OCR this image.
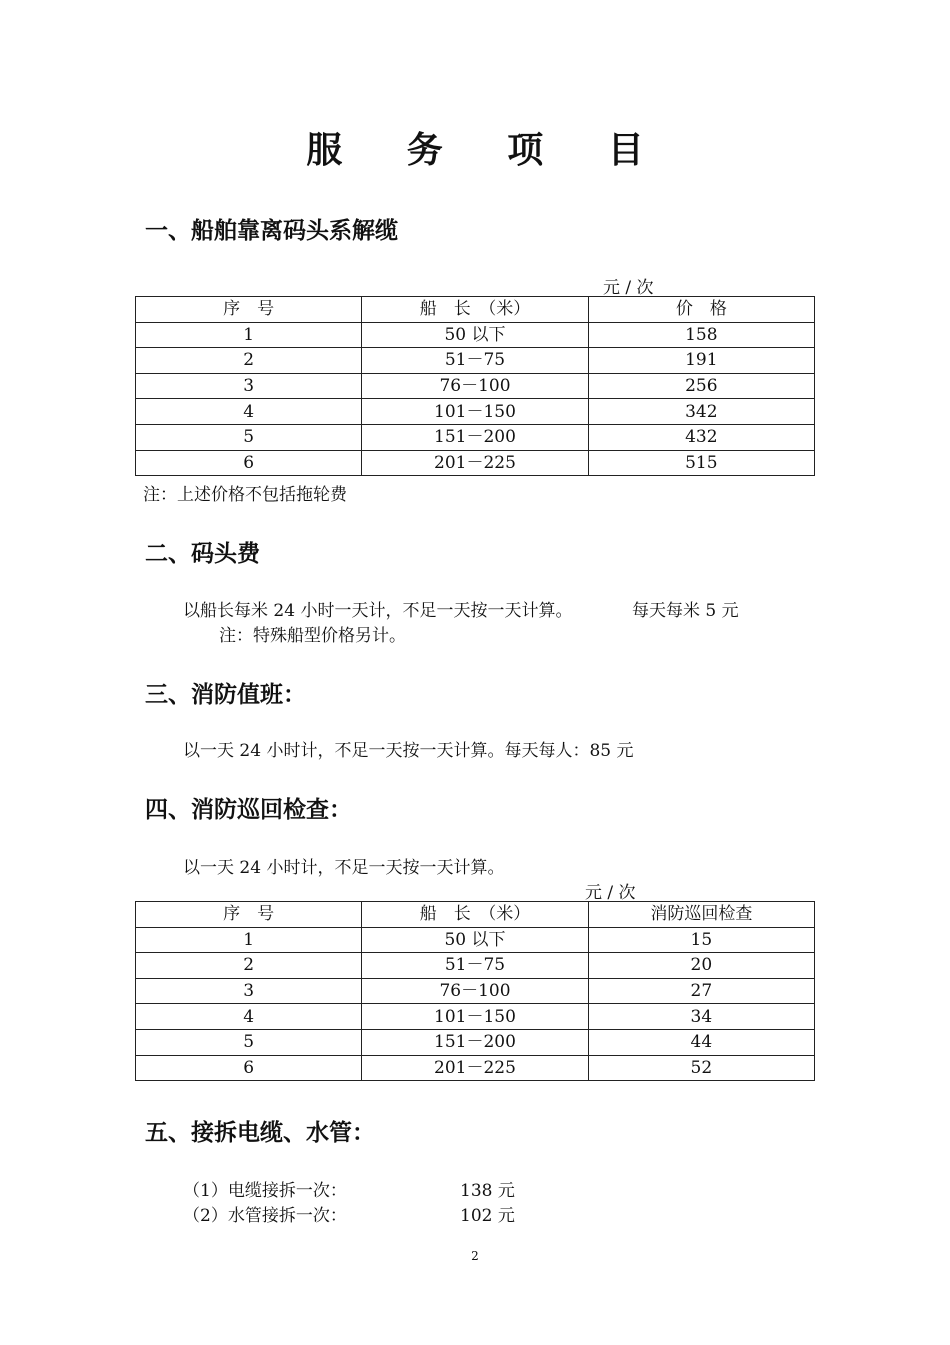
服 务 项 目
一、船舶靠离码头系解缆
元 / 次
序　号	船　长　（米）	价　格
1	50 以下	158
2	51－75	191
3	76－100	256
4	101－150	342
5	151－200	432
6	201－225	515
注：上述价格不包括拖轮费
二、码头费
以船长每米 24 小时一天计，不足一天按一天计算。	每天每米 5 元
注：特殊船型价格另计。
三、消防值班：
以一天 24 小时计，不足一天按一天计算。每天每人：85 元
四、消防巡回检查：
以一天 24 小时计，不足一天按一天计算。
元 / 次
序　号	船　长　（米）	消防巡回检查
1	50 以下	15
2	51－75	20
3	76－100	27
4	101－150	34
5	151－200	44
6	201－225	52
五、接拆电缆、水管：
（1）电缆接拆一次：	138 元
（2）水管接拆一次：	102 元
2
